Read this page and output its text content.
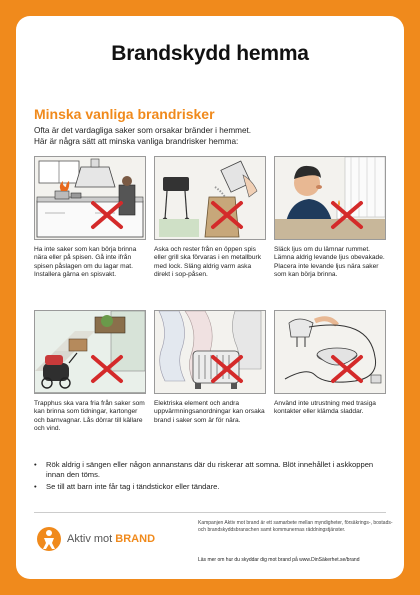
Brandskydd hemma
Minska vanliga brandrisker
Ofta är det vardagliga saker som orsakar bränder i hemmet.
Här är några sätt att minska vanliga brandrisker hemma:
Ha inte saker som kan börja brinna nära eller på spisen. Gå inte ifrån spisen påslagen om du lagar mat. Installera gärna en spisvakt.
Aska och rester från en öppen spis eller grill ska förvaras i en metallburk med lock. Släng aldrig varm aska direkt i sop-påsen.
Släck ljus om du lämnar rummet. Lämna aldrig levande ljus obevakade. Placera inte levande ljus nära saker som kan börja brinna.
Trapphus ska vara fria från saker som kan brinna som tidningar, kartonger och barnvagnar. Lås dörrar till källare och vind.
Elektriska element och andra uppvärmningsanordningar kan orsaka brand i saker som är för nära.
Använd inte utrustning med trasiga kontakter eller klämda sladdar.
•	Rök aldrig i sängen eller någon annanstans där du riskerar att somna. Blöt innehållet i askkoppen innan den töms.
•	Se till att barn inte får tag i tändstickor eller tändare.
Aktiv mot BRAND
Kampanjen Aktiv mot brand är ett samarbete mellan myndigheter, försäkrings-, bostads- och brandskyddsbranschen samt kommunernas räddningstjänster.
Läs mer om hur du skyddar dig mot brand på www.DinSäkerhet.se/brand
